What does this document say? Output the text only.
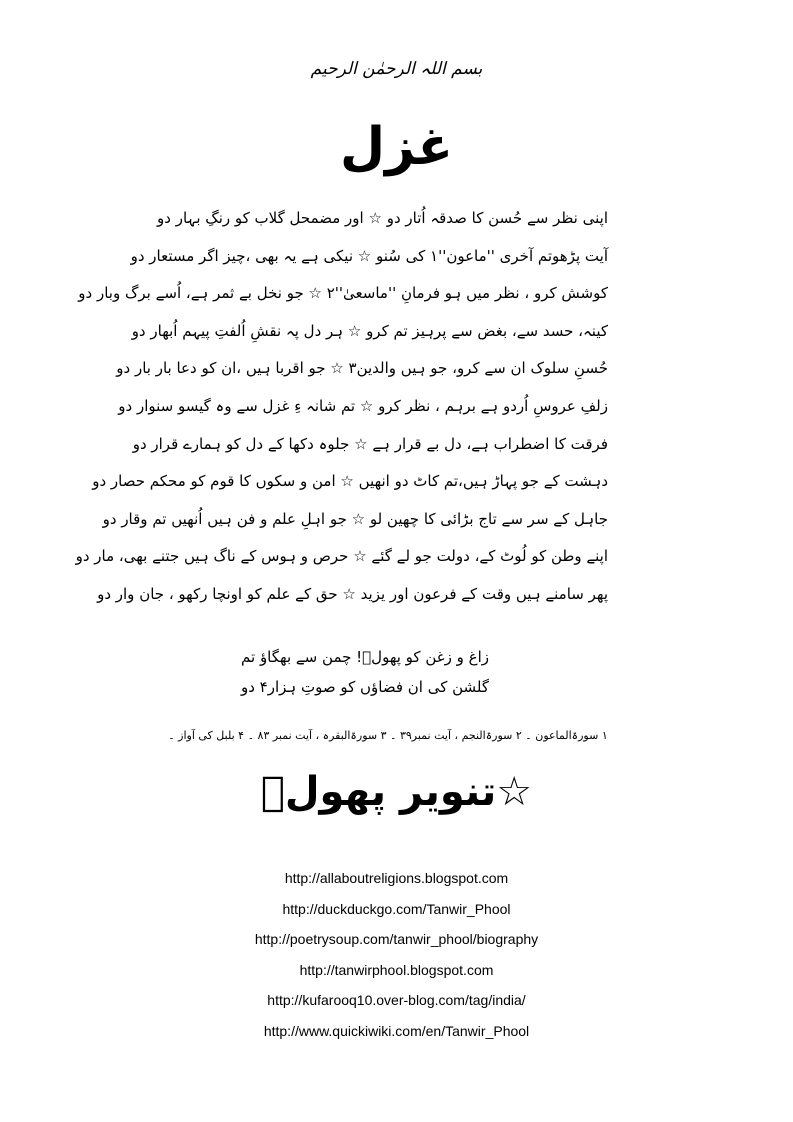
بسم اللہ الرحمٰن الرحیم
غزل
اپنی نظر سے حُسن کا صدقہ اُتار دو ☆ اور مضمحل گلاب کو رنگِ بہار دو
آیت پڑھوتم آخری ''ماعون''۱ کی سُنو ☆ نیکی ہے یہ بھی ،چیز اگر مستعار دو
کوشش کرو ، نظر میں ہو فرمانِ ''ماسعیٰ''۲ ☆ جو نخل بے ثمر ہے، اُسے برگ وبار دو
کینہ، حسد سے، بغض سے پرہیز تم کرو ☆ ہر دل پہ نقشِ اُلفتِ پیہم اُبھار دو
حُسنِ سلوک ان سے کرو، جو ہیں والدین۳ ☆ جو اقربا ہیں ،ان کو دعا بار بار دو
زلفِ عروسِ اُردو ہے برہم ، نظر کرو ☆ تم شانہ ءِ غزل سے وہ گیسو سنوار دو
فرقت کا اضطراب ہے، دل بے قرار ہے ☆ جلوہ دکھا کے دل کو ہمارے قرار دو
دہشت کے جو پہاڑ ہیں،تم کاٹ دو انھیں ☆ امن و سکوں کا قوم کو محکم حصار دو
جاہل کے سر سے تاج بڑائی کا چھین لو ☆ جو اہلِ علم و فن ہیں اُنھیں تم وقار دو
اپنے وطن کو لُوٹ کے، دولت جو لے گئے ☆ حرص و ہوس کے ناگ ہیں جتنے بھی، مار دو
پھر سامنے ہیں وقت کے فرعون اور یزید ☆ حق کے علم کو اونچا رکھو ، جان وار دو
زاغ و زغن کو پھولؔ! چمن سے بھگاؤ تم
گلشن کی ان فضاؤں کو صوتِ ہزار۴ دو
۱ سورۃالماعون ۔ ۲ سورۃالنجم ، آیت نمبر۳۹ ۔ ۳ سورۃالبقرہ ، آیت نمبر ۸۳ ۔ ۴ بلبل کی آواز ۔
☆تنویر پھولؔ
http://allaboutreligions.blogspot.com
http://duckduckgo.com/Tanwir_Phool
http://poetrysoup.com/tanwir_phool/biography
http://tanwirphool.blogspot.com
http://kufarooq10.over-blog.com/tag/india/
http://www.quickiwiki.com/en/Tanwir_Phool
